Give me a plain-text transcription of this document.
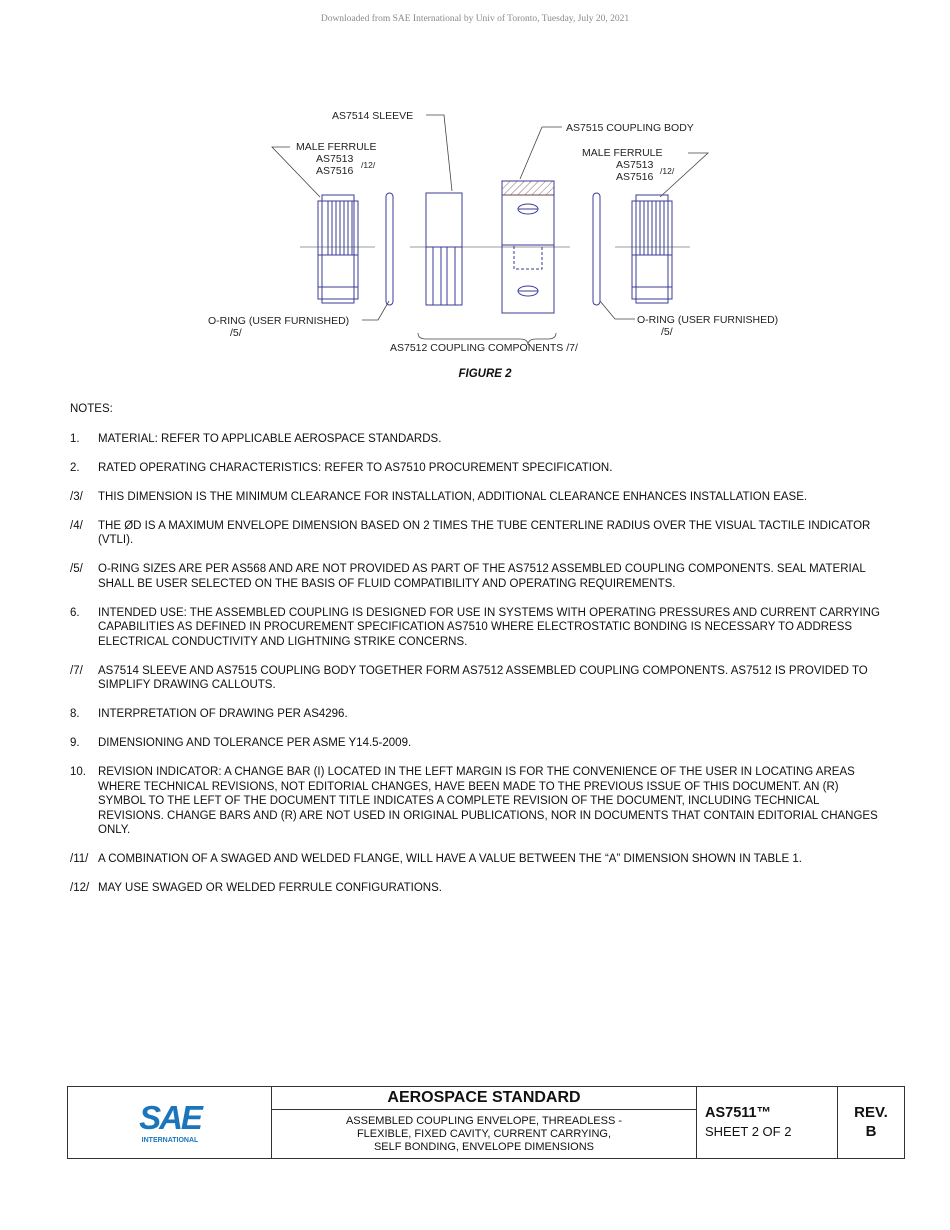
Downloaded from SAE International by Univ of Toronto, Tuesday, July 20, 2021
AS7514 SLEEVE
AS7515 COUPLING BODY
MALE FERRULE
AS7513
AS7516 /12/
MALE FERRULE
AS7513
AS7516 /12/
O-RING (USER FURNISHED)
/5/
O-RING (USER FURNISHED)
/5/
AS7512 COUPLING COMPONENTS /7/
FIGURE 2
NOTES:
1.	MATERIAL: REFER TO APPLICABLE AEROSPACE STANDARDS.
2.	RATED OPERATING CHARACTERISTICS: REFER TO AS7510 PROCUREMENT SPECIFICATION.
/3/	THIS DIMENSION IS THE MINIMUM CLEARANCE FOR INSTALLATION, ADDITIONAL CLEARANCE ENHANCES INSTALLATION EASE.
/4/	THE ØD IS A MAXIMUM ENVELOPE DIMENSION BASED ON 2 TIMES THE TUBE CENTERLINE RADIUS OVER THE VISUAL TACTILE INDICATOR (VTLI).
/5/	O-RING SIZES ARE PER AS568 AND ARE NOT PROVIDED AS PART OF THE AS7512 ASSEMBLED COUPLING COMPONENTS. SEAL MATERIAL SHALL BE USER SELECTED ON THE BASIS OF FLUID COMPATIBILITY AND OPERATING REQUIREMENTS.
6.	INTENDED USE: THE ASSEMBLED COUPLING IS DESIGNED FOR USE IN SYSTEMS WITH OPERATING PRESSURES AND CURRENT CARRYING CAPABILITIES AS DEFINED IN PROCUREMENT SPECIFICATION AS7510 WHERE ELECTROSTATIC BONDING IS NECESSARY TO ADDRESS ELECTRICAL CONDUCTIVITY AND LIGHTNING STRIKE CONCERNS.
/7/	AS7514 SLEEVE AND AS7515 COUPLING BODY TOGETHER FORM AS7512 ASSEMBLED COUPLING COMPONENTS. AS7512 IS PROVIDED TO SIMPLIFY DRAWING CALLOUTS.
8.	INTERPRETATION OF DRAWING PER AS4296.
9.	DIMENSIONING AND TOLERANCE PER ASME Y14.5-2009.
10.	REVISION INDICATOR: A CHANGE BAR (I) LOCATED IN THE LEFT MARGIN IS FOR THE CONVENIENCE OF THE USER IN LOCATING AREAS WHERE TECHNICAL REVISIONS, NOT EDITORIAL CHANGES, HAVE BEEN MADE TO THE PREVIOUS ISSUE OF THIS DOCUMENT. AN (R) SYMBOL TO THE LEFT OF THE DOCUMENT TITLE INDICATES A COMPLETE REVISION OF THE DOCUMENT, INCLUDING TECHNICAL REVISIONS. CHANGE BARS AND (R) ARE NOT USED IN ORIGINAL PUBLICATIONS, NOR IN DOCUMENTS THAT CONTAIN EDITORIAL CHANGES ONLY.
/11/ A COMBINATION OF A SWAGED AND WELDED FLANGE, WILL HAVE A VALUE BETWEEN THE “A” DIMENSION SHOWN IN TABLE 1.
/12/ MAY USE SWAGED OR WELDED FERRULE CONFIGURATIONS.
SAE
INTERNATIONAL
AEROSPACE STANDARD
ASSEMBLED COUPLING ENVELOPE, THREADLESS -
FLEXIBLE, FIXED CAVITY, CURRENT CARRYING,
SELF BONDING, ENVELOPE DIMENSIONS
AS7511™
SHEET 2 OF 2
REV.
B
